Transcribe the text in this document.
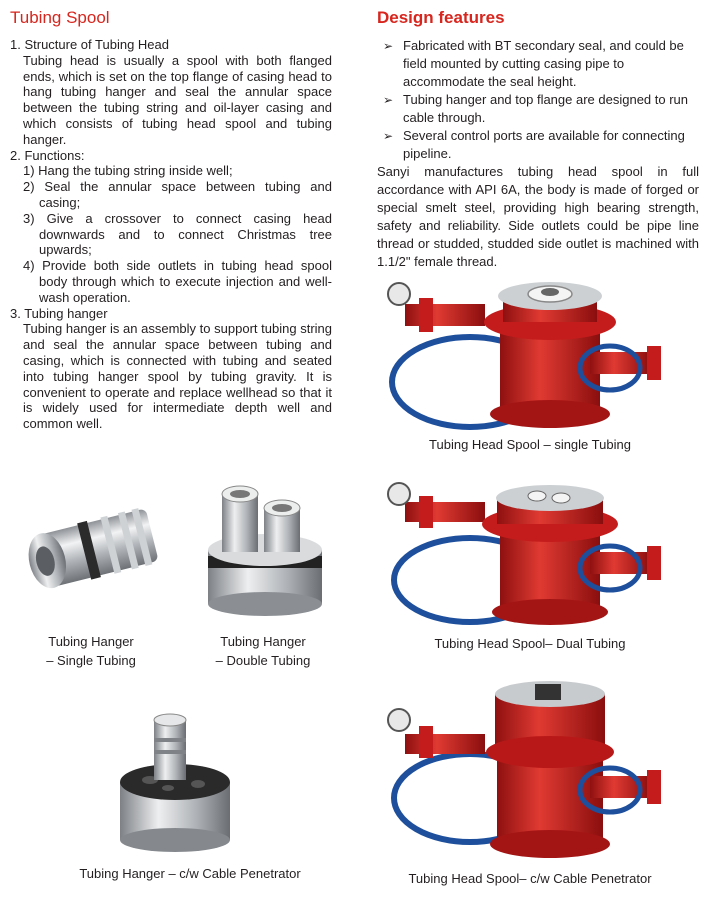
Tubing Spool
1. Structure of Tubing Head
Tubing head is usually a spool with both flanged ends, which is set on the top flange of casing head to hang tubing hanger and seal the annular space between the tubing string and oil-layer casing and which consists of tubing head spool and tubing hanger.
2. Functions:
1) Hang the tubing string inside well;
2) Seal the annular space between tubing and casing;
3) Give a crossover to connect casing head downwards and to connect Christmas tree upwards;
4) Provide both side outlets in tubing head spool body through which to execute injection and well-wash operation.
3. Tubing hanger
Tubing hanger is an assembly to support tubing string and seal the annular space between tubing and casing, which is connected with tubing and seated into tubing hanger spool by tubing gravity. It is convenient to operate and replace wellhead so that it is widely used for intermediate depth well and common well.
Design features
➢ Fabricated with BT secondary seal, and could be field mounted by cutting casing pipe to accommodate the seal height.
➢ Tubing hanger and top flange are designed to run cable through.
➢ Several control ports are available for connecting pipeline.
Sanyi manufactures tubing head spool in full accordance with API 6A, the body is made of forged or special smelt steel, providing high bearing strength, safety and reliability. Side outlets could be pipe line thread or studded, studded side outlet is machined with 1.1/2" female thread.
Tubing Head Spool – single Tubing
Tubing Hanger
– Single Tubing
Tubing Hanger
– Double Tubing
Tubing Head Spool– Dual Tubing
Tubing Hanger – c/w Cable Penetrator	Tubing Head Spool– c/w Cable Penetrator
